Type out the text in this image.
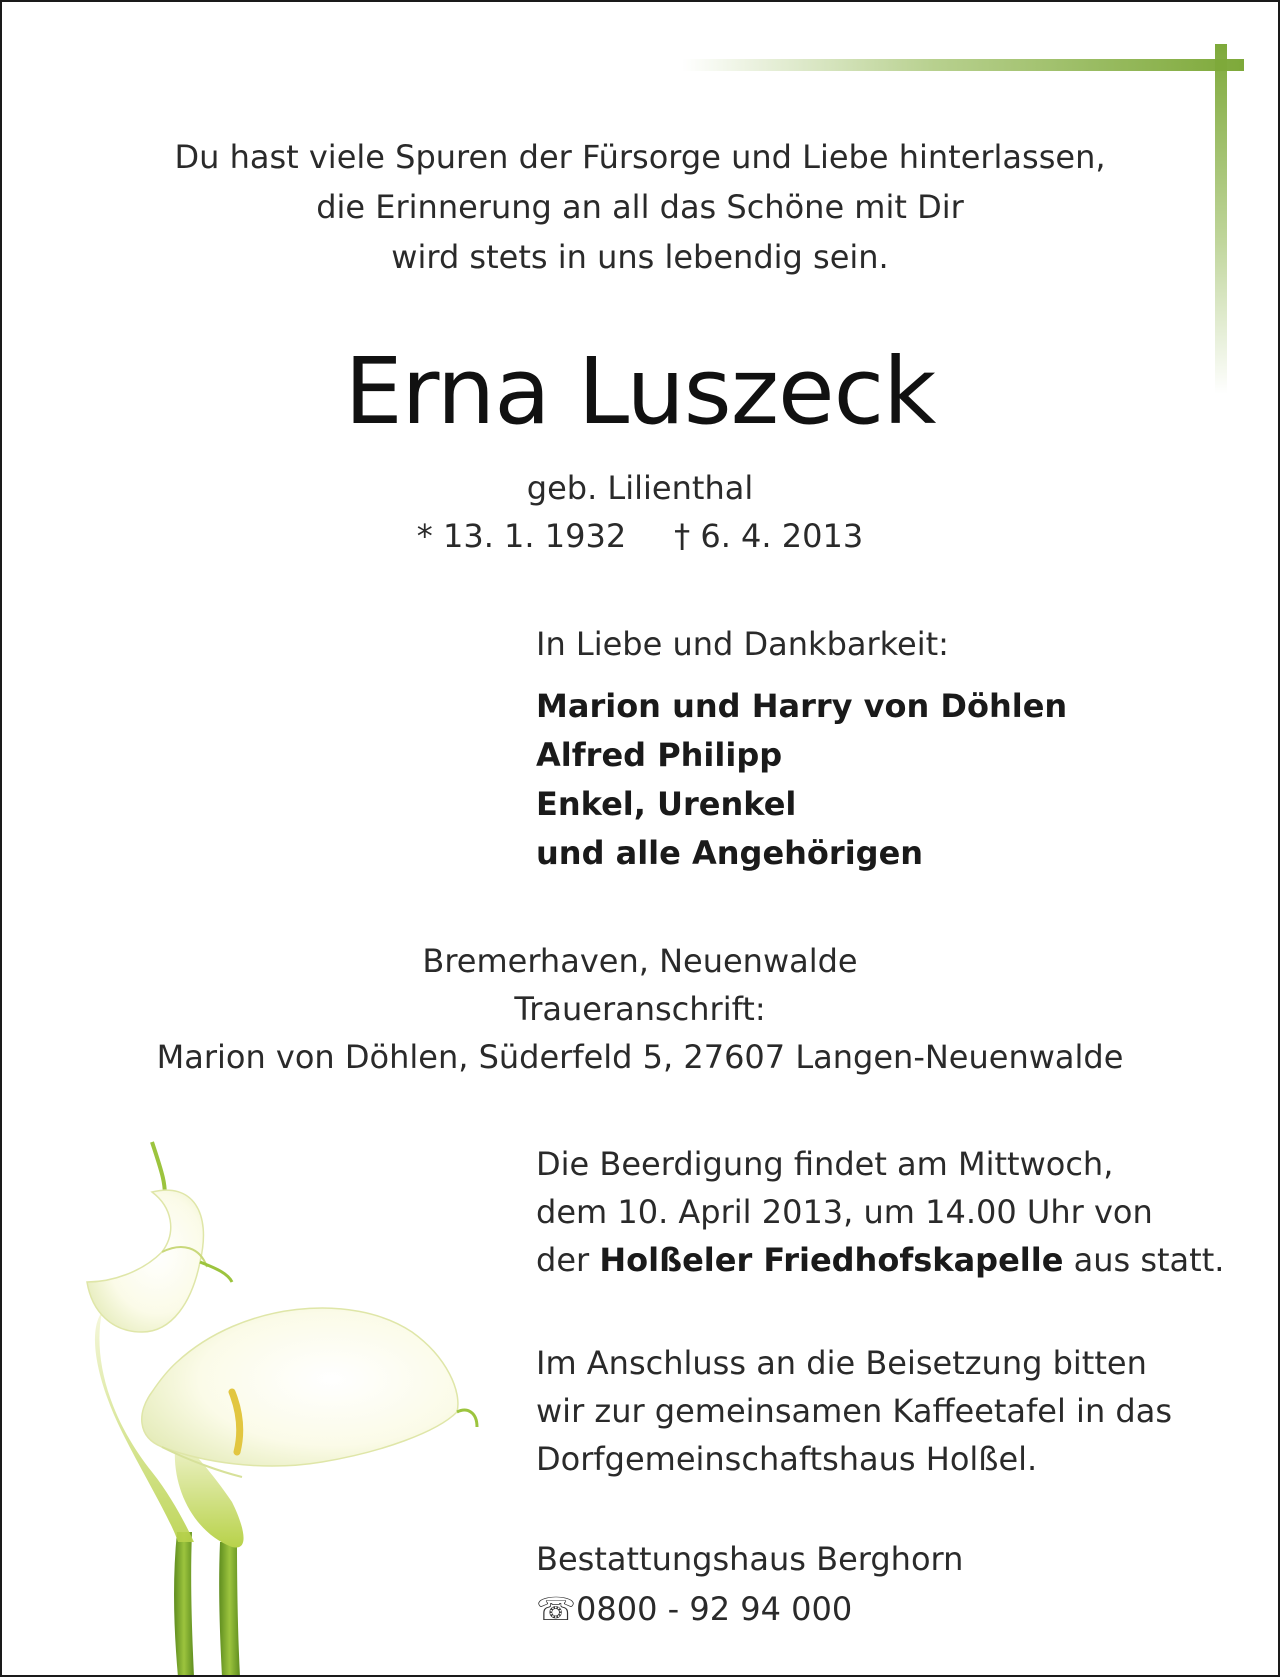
Du hast viele Spuren der Fürsorge und Liebe hinterlassen,
die Erinnerung an all das Schöne mit Dir
wird stets in uns lebendig sein.
Erna Luszeck
geb. Lilienthal
* 13. 1. 1932 † 6. 4. 2013
In Liebe und Dankbarkeit:
Marion und Harry von Döhlen
Alfred Philipp
Enkel, Urenkel
und alle Angehörigen
Bremerhaven, Neuenwalde
Traueranschrift:
Marion von Döhlen, Süderfeld 5, 27607 Langen-Neuenwalde
Die Beerdigung findet am Mittwoch,
dem 10. April 2013, um 14.00 Uhr von
der Holßeler Friedhofskapelle aus statt.
Im Anschluss an die Beisetzung bitten
wir zur gemeinsamen Kaffeetafel in das
Dorfgemeinschaftshaus Holßel.
Bestattungshaus Berghorn
☏0800 - 92 94 000
